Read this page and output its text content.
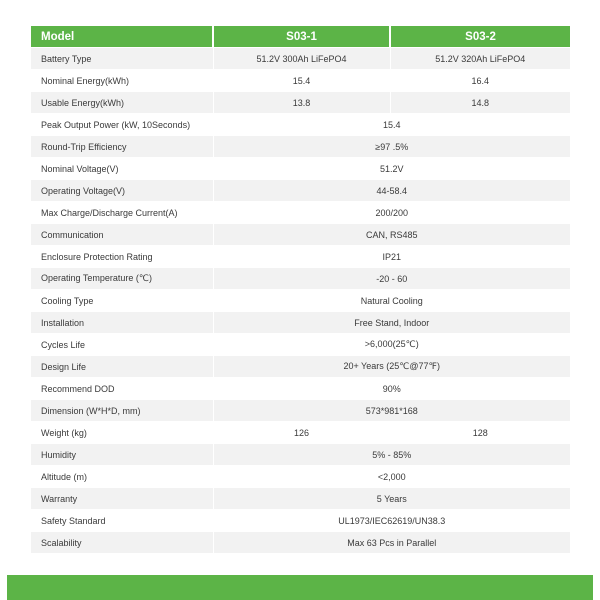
Model	S03-1	S03-2
Battery Type	51.2V 300Ah LiFePO4	51.2V 320Ah LiFePO4
Nominal Energy(kWh)	15.4	16.4
Usable Energy(kWh)	13.8	14.8
Peak Output Power (kW, 10Seconds)	15.4	
Round-Trip Efficiency	≥97 .5%	
Nominal Voltage(V)	51.2V	
Operating Voltage(V)	44-58.4	
Max Charge/Discharge Current(A)	200/200	
Communication	CAN, RS485	
Enclosure Protection Rating	IP21	
Operating Temperature (℃)	-20 - 60	
Cooling Type	Natural Cooling	
Installation	Free Stand, Indoor	
Cycles Life	>6,000(25℃)	
Design Life	20+ Years (25℃@77℉)	
Recommend DOD	90%	
Dimension (W*H*D, mm)	573*981*168	
Weight (kg)	126	128
Humidity	5% - 85%	
Altitude (m)	<2,000	
Warranty	5 Years	
Safety Standard	UL1973/IEC62619/UN38.3	
Scalability	Max 63 Pcs in Parallel	
